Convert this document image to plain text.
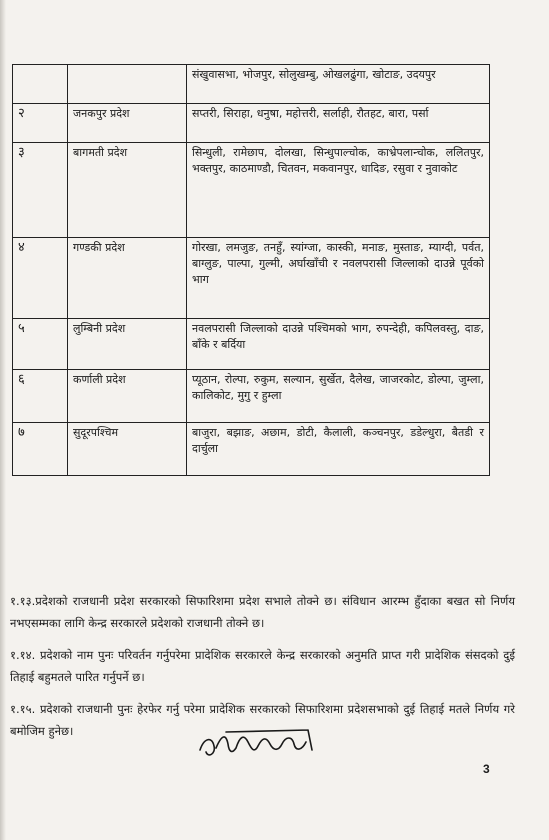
		संखुवासभा, भोजपुर, सोलुखम्बु, ओखलढुंगा, खोटाङ, उदयपुर
२	जनकपुर प्रदेश	सप्तरी, सिराहा, धनुषा, महोत्तरी, सर्लाही, रौतहट, बारा, पर्सा
३	बागमती प्रदेश	सिन्धुली, रामेछाप, दोलखा, सिन्धुपाल्चोक, काभ्रेपलान्चोक, ललितपुर, भक्तपुर, काठमाण्डौ, चितवन, मकवानपुर, धादिङ, रसुवा र नुवाकोट
४	गण्डकी प्रदेश	गोरखा, लमजुङ, तनहुँ, स्यांग्जा, कास्की, मनाङ, मुस्ताङ, म्याग्दी, पर्वत, बाग्लुङ, पाल्पा, गुल्मी, अर्घाखाँची र नवलपरासी जिल्लाको दाउन्ने पूर्वको भाग
५	लुम्बिनी प्रदेश	नवलपरासी जिल्लाको दाउन्ने पश्चिमको भाग, रुपन्देही, कपिलवस्तु, दाङ, बाँके र बर्दिया
६	कर्णाली प्रदेश	प्यूठान, रोल्पा, रुकुम, सल्यान, सुर्खेत, दैलेख, जाजरकोट, डोल्पा, जुम्ला, कालिकोट, मुगु र हुम्ला
७	सुदूरपश्चिम	बाजुरा, बझाङ, अछाम, डोटी, कैलाली, कञ्चनपुर, डडेल्धुरा, बैतडी र दार्चुला

१.१३.प्रदेशको राजधानी प्रदेश सरकारको सिफारिशमा प्रदेश सभाले तोक्ने छ। संविधान आरम्भ हुँदाका बखत सो निर्णय नभएसम्मका लागि केन्द्र सरकारले प्रदेशको राजधानी तोक्ने छ।

१.१४. प्रदेशको नाम पुनः परिवर्तन गर्नुपरेमा प्रादेशिक सरकारले केन्द्र सरकारको अनुमति प्राप्त गरी प्रादेशिक संसदको दुई तिहाई बहुमतले पारित गर्नुपर्ने छ।

१.१५. प्रदेशको राजधानी पुनः हेरफेर गर्नु परेमा प्रादेशिक सरकारको सिफारिशमा प्रदेशसभाको दुई तिहाई मतले निर्णय गरे बमोजिम हुनेछ।

3
